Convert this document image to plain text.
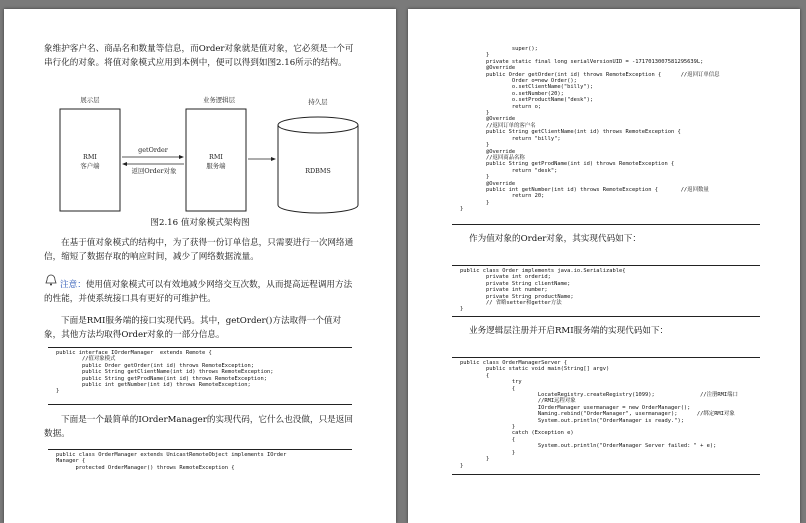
象维护客户名、商品名和数量等信息，而Order对象就是值对象，它必须是一个可串行化的对象。将值对象模式应用到本例中，便可以得到如图2.16所示的结构。

展示层	业务逻辑层	持久层
RMI
客户端
RMI
服务端
RDBMS
getOrder
返回Order对象
图2.16 值对象模式架构图

在基于值对象模式的结构中，为了获得一份订单信息，只需要进行一次网络通信，缩短了数据存取的响应时间，减少了网络数据流量。

注意：使用值对象模式可以有效地减少网络交互次数，从而提高远程调用方法的性能，并使系统接口具有更好的可维护性。

下面是RMI服务端的接口实现代码。其中，getOrder()方法取得一个值对象，其他方法均取得Order对象的一部分信息。

public interface IOrderManager  extends Remote {
//值对象模式
public Order getOrder(int id) throws RemoteException;
public String getClientName(int id) throws RemoteException;
public String getProdName(int id) throws RemoteException;
public int getNumber(int id) throws RemoteException;
}

下面是一个最简单的IOrderManager的实现代码，它什么也没做，只是返回数据。

public class OrderManager extends UnicastRemoteObject implements IOrder
Manager {
protected OrderManager() throws RemoteException {
super();
}
private static final long serialVersionUID = -1717013007581295639L;
@Override
public Order getOrder(int id) throws RemoteException {      //返回订单信息
Order o=new Order();
o.setClientName("billy");
o.setNumber(20);
o.setProductName("desk");
return o;
}
@Override
//返回订单的客户名
public String getClientName(int id) throws RemoteException {
return "billy";
}
@Override
//返回商品名称
public String getProdName(int id) throws RemoteException {
return "desk";
}
@Override
public int getNumber(int id) throws RemoteException {       //返回数量
return 20;
}
}

作为值对象的Order对象，其实现代码如下：

public class Order implements java.io.Serializable{
private int orderid;
private String clientName;
private int number;
private String productName;
// 省略setter和getter方法
}

业务逻辑层注册并开启RMI服务端的实现代码如下：

public class OrderManagerServer {
public static void main(String[] argv)
{
try
{
LocateRegistry.createRegistry(1099);              //注册RMI端口
//RMI远程对象
IOrderManager usermanager = new OrderManager();
Naming.rebind("OrderManager", usermanager);      //绑定RMI对象
System.out.println("OrderManager is ready.");
}
catch (Exception e)
{
System.out.println("OrderManager Server failed: " + e);
}
}
}
